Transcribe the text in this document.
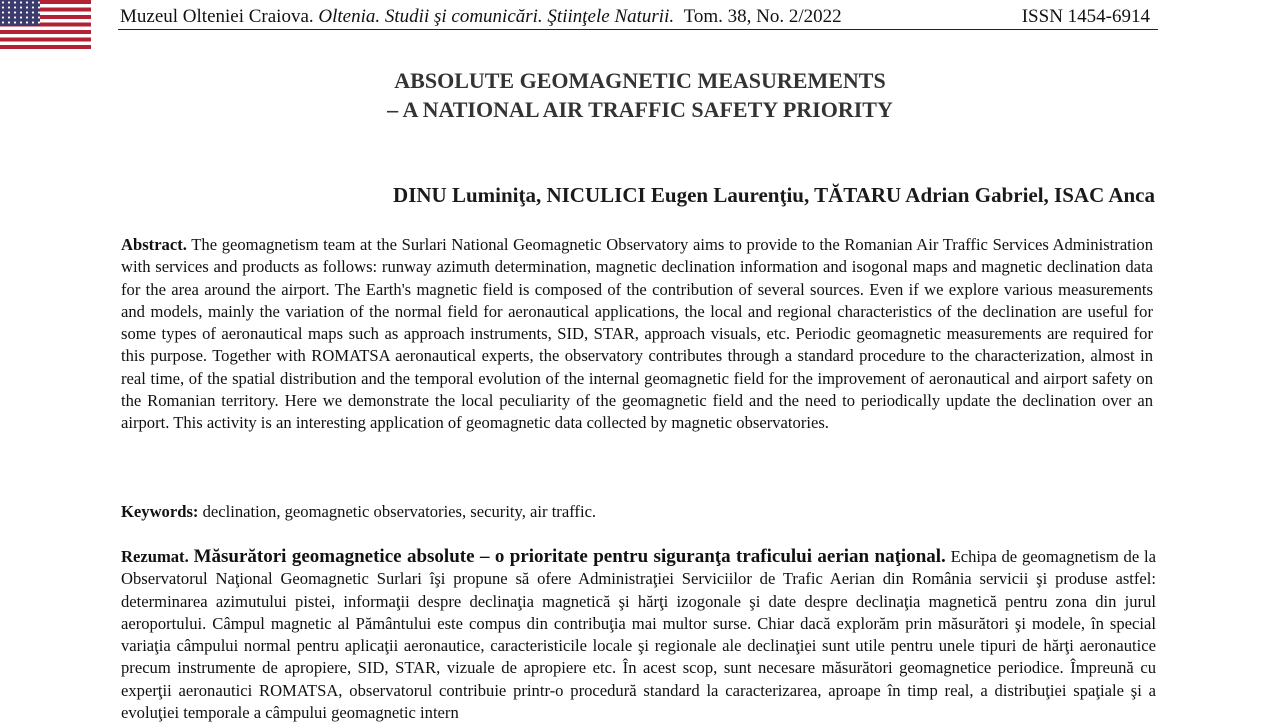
Muzeul Olteniei Craiova. Oltenia. Studii şi comunicări. Ştiinţele Naturii. Tom. 38, No. 2/2022	ISSN 1454-6914
ABSOLUTE GEOMAGNETIC MEASUREMENTS
– A NATIONAL AIR TRAFFIC SAFETY PRIORITY
DINU Luminiţa, NICULICI Eugen Laurenţiu, TĂTARU Adrian Gabriel, ISAC Anca

Abstract. The geomagnetism team at the Surlari National Geomagnetic Observatory aims to provide to the Romanian Air Traffic Services Administration with services and products as follows: runway azimuth determination, magnetic declination information and isogonal maps and magnetic declination data for the area around the airport. The Earth's magnetic field is composed of the contribution of several sources. Even if we explore various measurements and models, mainly the variation of the normal field for aeronautical applications, the local and regional characteristics of the declination are useful for some types of aeronautical maps such as approach instruments, SID, STAR, approach visuals, etc. Periodic geomagnetic measurements are required for this purpose. Together with ROMATSA aeronautical experts, the observatory contributes through a standard procedure to the characterization, almost in real time, of the spatial distribution and the temporal evolution of the internal geomagnetic field for the improvement of aeronautical and airport safety on the Romanian territory. Here we demonstrate the local peculiarity of the geomagnetic field and the need to periodically update the declination over an airport. This activity is an interesting application of geomagnetic data collected by magnetic observatories.

Keywords: declination, geomagnetic observatories, security, air traffic.

Rezumat. Măsurători geomagnetice absolute – o prioritate pentru siguranţa traficului aerian naţional. Echipa de geomagnetism de la Observatorul Naţional Geomagnetic Surlari îşi propune să ofere Administraţiei Serviciilor de Trafic Aerian din România servicii şi produse astfel: determinarea azimutului pistei, informaţii despre declinaţia magnetică şi hărţi izogonale şi date despre declinaţia magnetică pentru zona din jurul aeroportului. Câmpul magnetic al Pământului este compus din contribuţia mai multor surse. Chiar dacă explorăm prin măsurători şi modele, în special variaţia câmpului normal pentru aplicaţii aeronautice, caracteristicile locale şi regionale ale declinaţiei sunt utile pentru unele tipuri de hărţi aeronautice precum instrumente de apropiere, SID, STAR, vizuale de apropiere etc. În acest scop, sunt necesare măsurători geomagnetice periodice. Împreună cu experţii aeronautici ROMATSA, observatorul contribuie printr-o procedură standard la caracterizarea, aproape în timp real, a distribuţiei spaţiale şi a evoluţiei temporale a câmpului geomagnetic intern
